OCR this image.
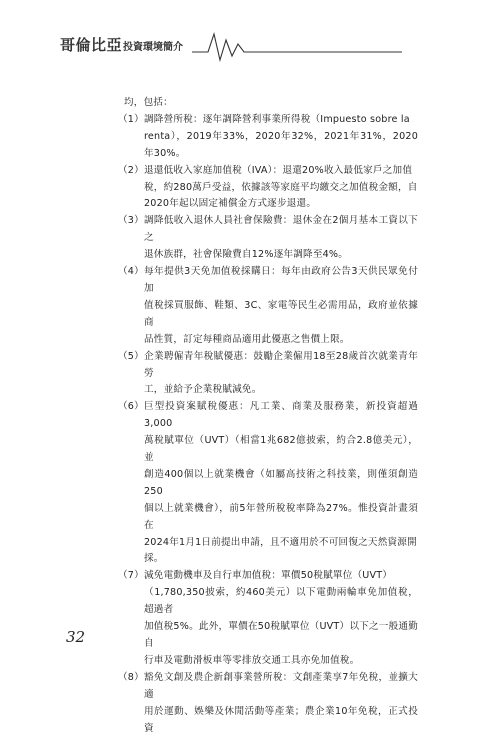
哥倫比亞 投資環境簡介
均，包括：
（1） 調降營所稅：逐年調降營利事業所得稅（Impuesto sobre la

renta），2019年33%，2020年32%，2021年31%，2020年30%。

（2） 退還低收入家庭加值稅（IVA）：退還20%收入最低家戶之加值

稅，約280萬戶受益，依據該等家庭平均繳交之加值稅金額，自

2020年起以固定補償金方式逐步退還。

（3） 調降低收入退休人員社會保險費：退休金在2個月基本工資以下之

退休族群，社會保險費自12%逐年調降至4%。

（4） 每年提供3天免加值稅採購日：每年由政府公告3天供民眾免付加

值稅採買服飾、鞋類、3C、家電等民生必需用品，政府並依據商

品性質，訂定每種商品適用此優惠之售價上限。

（5） 企業聘僱青年稅賦優惠：鼓勵企業僱用18至28歲首次就業青年勞

工，並給予企業稅賦減免。

（6） 巨型投資案賦稅優惠：凡工業、商業及服務業，新投資超過3,000

萬稅賦單位（UVT）（相當1兆682億披索，約合2.8億美元），並

創造400個以上就業機會（如屬高技術之科技業，則僅須創造250

個以上就業機會），前5年營所稅稅率降為27%。惟投資計畫須在

2024年1月1日前提出申請，且不適用於不可回復之天然資源開

採。

（7） 減免電動機車及自行車加值稅：單價50稅賦單位（UVT）

（1,780,350披索，約460美元）以下電動兩輪車免加值稅，超過者

加值稅5%。此外，單價在50稅賦單位（UVT）以下之一般通勤自

行車及電動滑板車等零排放交通工具亦免加值稅。

（8） 豁免文創及農企新創事業營所稅：文創產業享7年免稅，並擴大適

用於運動、娛樂及休閒活動等產業；農企業10年免稅，正式投資

32
